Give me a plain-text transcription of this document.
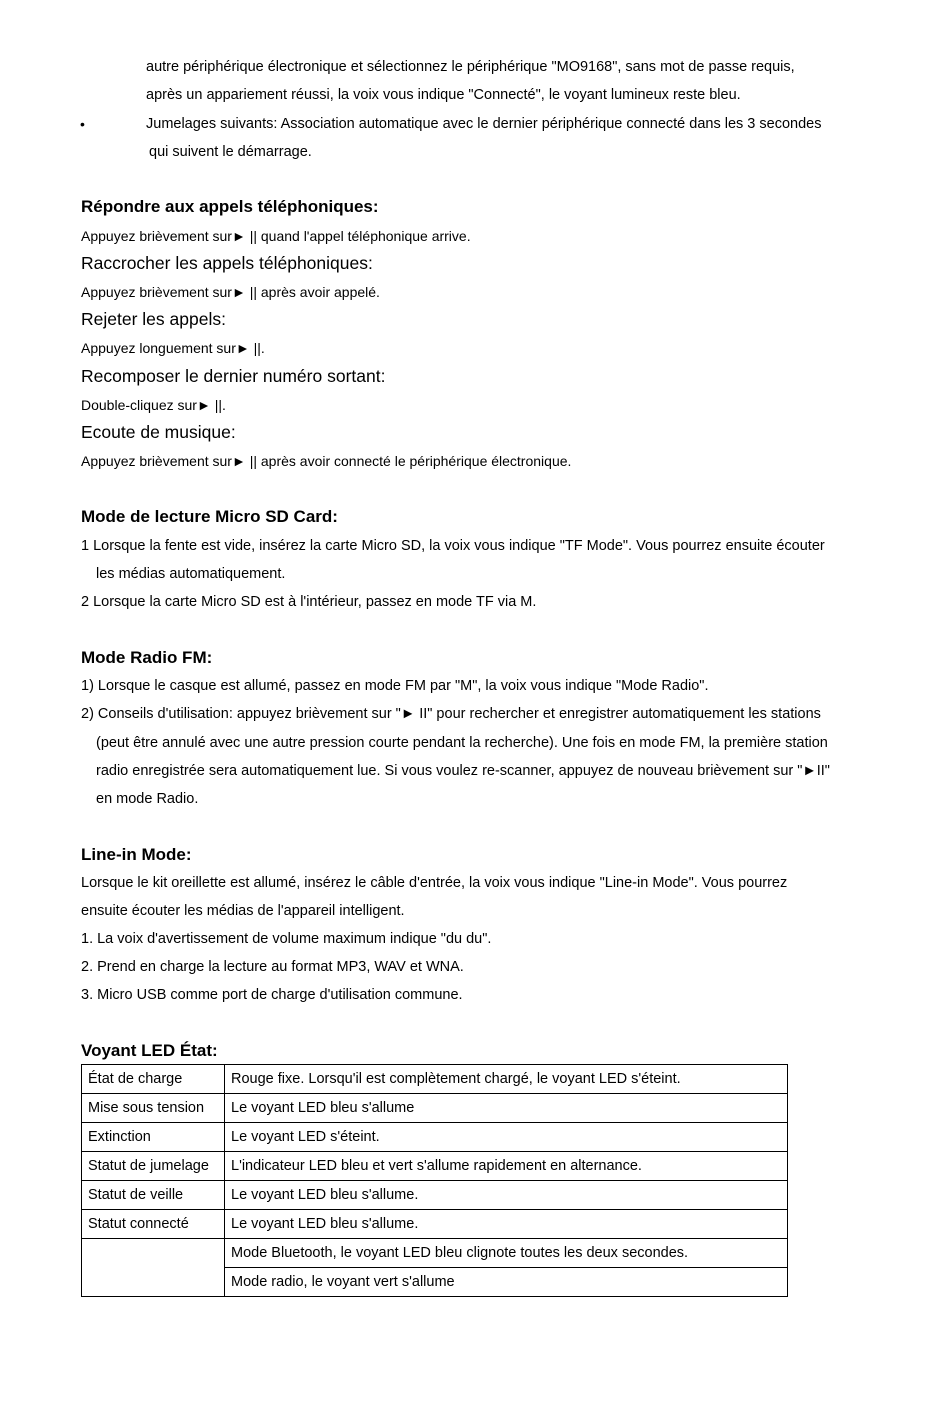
autre périphérique électronique et sélectionnez le périphérique "MO9168", sans mot de passe requis,
après un appariement réussi, la voix vous indique "Connecté", le voyant lumineux reste bleu.
•	Jumelages suivants: Association automatique avec le dernier périphérique connecté dans les 3 secondes
qui suivent le démarrage.
Répondre aux appels téléphoniques:
Appuyez brièvement sur► || quand l'appel téléphonique arrive.
Raccrocher les appels téléphoniques:
Appuyez brièvement sur► || après avoir appelé.
Rejeter les appels:
Appuyez longuement sur► ||.
Recomposer le dernier numéro sortant:
Double-cliquez sur► ||.
Ecoute de musique:
Appuyez brièvement sur► || après avoir connecté le périphérique électronique.
Mode de lecture Micro SD Card:
1 Lorsque la fente est vide, insérez la carte Micro SD, la voix vous indique "TF Mode". Vous pourrez ensuite écouter
les médias automatiquement.
2 Lorsque la carte Micro SD est à l'intérieur, passez en mode TF via M.
Mode Radio FM:
1) Lorsque le casque est allumé, passez en mode FM par "M", la voix vous indique "Mode Radio".
2) Conseils d'utilisation: appuyez brièvement sur "► II" pour rechercher et enregistrer automatiquement les stations
(peut être annulé avec une autre pression courte pendant la recherche). Une fois en mode FM, la première station
radio enregistrée sera automatiquement lue. Si vous voulez re-scanner, appuyez de nouveau brièvement sur "►II"
en mode Radio.
Line-in Mode:
Lorsque le kit oreillette est allumé, insérez le câble d'entrée, la voix vous indique "Line-in Mode". Vous pourrez
ensuite écouter les médias de l'appareil intelligent.
1. La voix d'avertissement de volume maximum indique "du du".
2. Prend en charge la lecture au format MP3, WAV et WNA.
3. Micro USB comme port de charge d'utilisation commune.
Voyant LED État:
État de charge	Rouge fixe. Lorsqu'il est complètement chargé, le voyant LED s'éteint.
Mise sous tension	Le voyant LED bleu s'allume
Extinction	Le voyant LED s'éteint.
Statut de jumelage	L'indicateur LED bleu et vert s'allume rapidement en alternance.
Statut de veille	Le voyant LED bleu s'allume.
Statut connecté	Le voyant LED bleu s'allume.
	Mode Bluetooth, le voyant LED bleu clignote toutes les deux secondes.
	Mode radio, le voyant vert s'allume
